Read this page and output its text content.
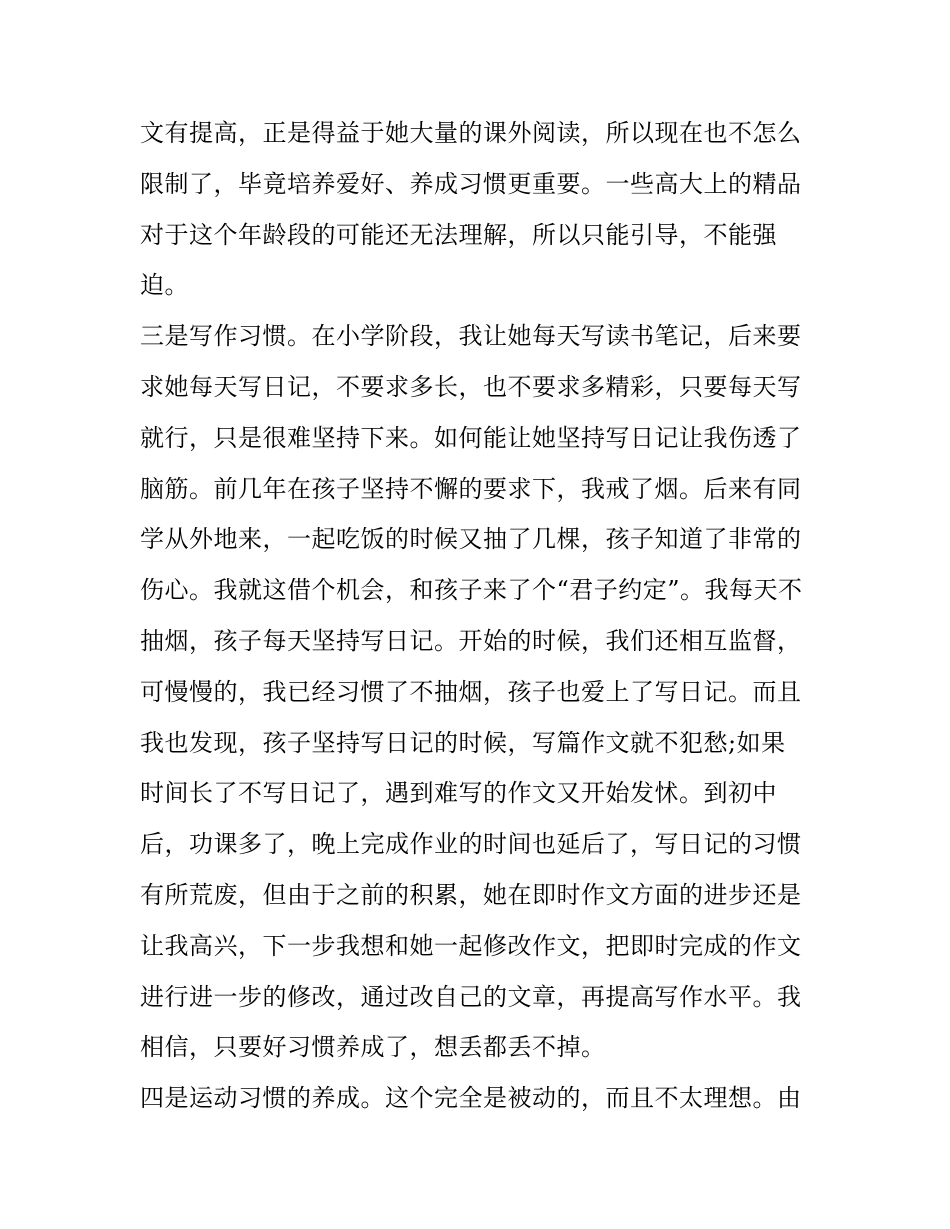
文有提高，正是得益于她大量的课外阅读，所以现在也不怎么
限制了，毕竟培养爱好、养成习惯更重要。一些高大上的精品
对于这个年龄段的可能还无法理解，所以只能引导，不能强
迫。
三是写作习惯。在小学阶段，我让她每天写读书笔记，后来要
求她每天写日记，不要求多长，也不要求多精彩，只要每天写
就行，只是很难坚持下来。如何能让她坚持写日记让我伤透了
脑筋。前几年在孩子坚持不懈的要求下，我戒了烟。后来有同
学从外地来，一起吃饭的时候又抽了几棵，孩子知道了非常的
伤心。我就这借个机会，和孩子来了个“君子约定”。我每天不
抽烟，孩子每天坚持写日记。开始的时候，我们还相互监督，
可慢慢的，我已经习惯了不抽烟，孩子也爱上了写日记。而且
我也发现，孩子坚持写日记的时候，写篇作文就不犯愁;如果
时间长了不写日记了，遇到难写的作文又开始发怵。到初中
后，功课多了，晚上完成作业的时间也延后了，写日记的习惯
有所荒废，但由于之前的积累，她在即时作文方面的进步还是
让我高兴，下一步我想和她一起修改作文，把即时完成的作文
进行进一步的修改，通过改自己的文章，再提高写作水平。我
相信，只要好习惯养成了，想丢都丢不掉。
四是运动习惯的养成。这个完全是被动的，而且不太理想。由
